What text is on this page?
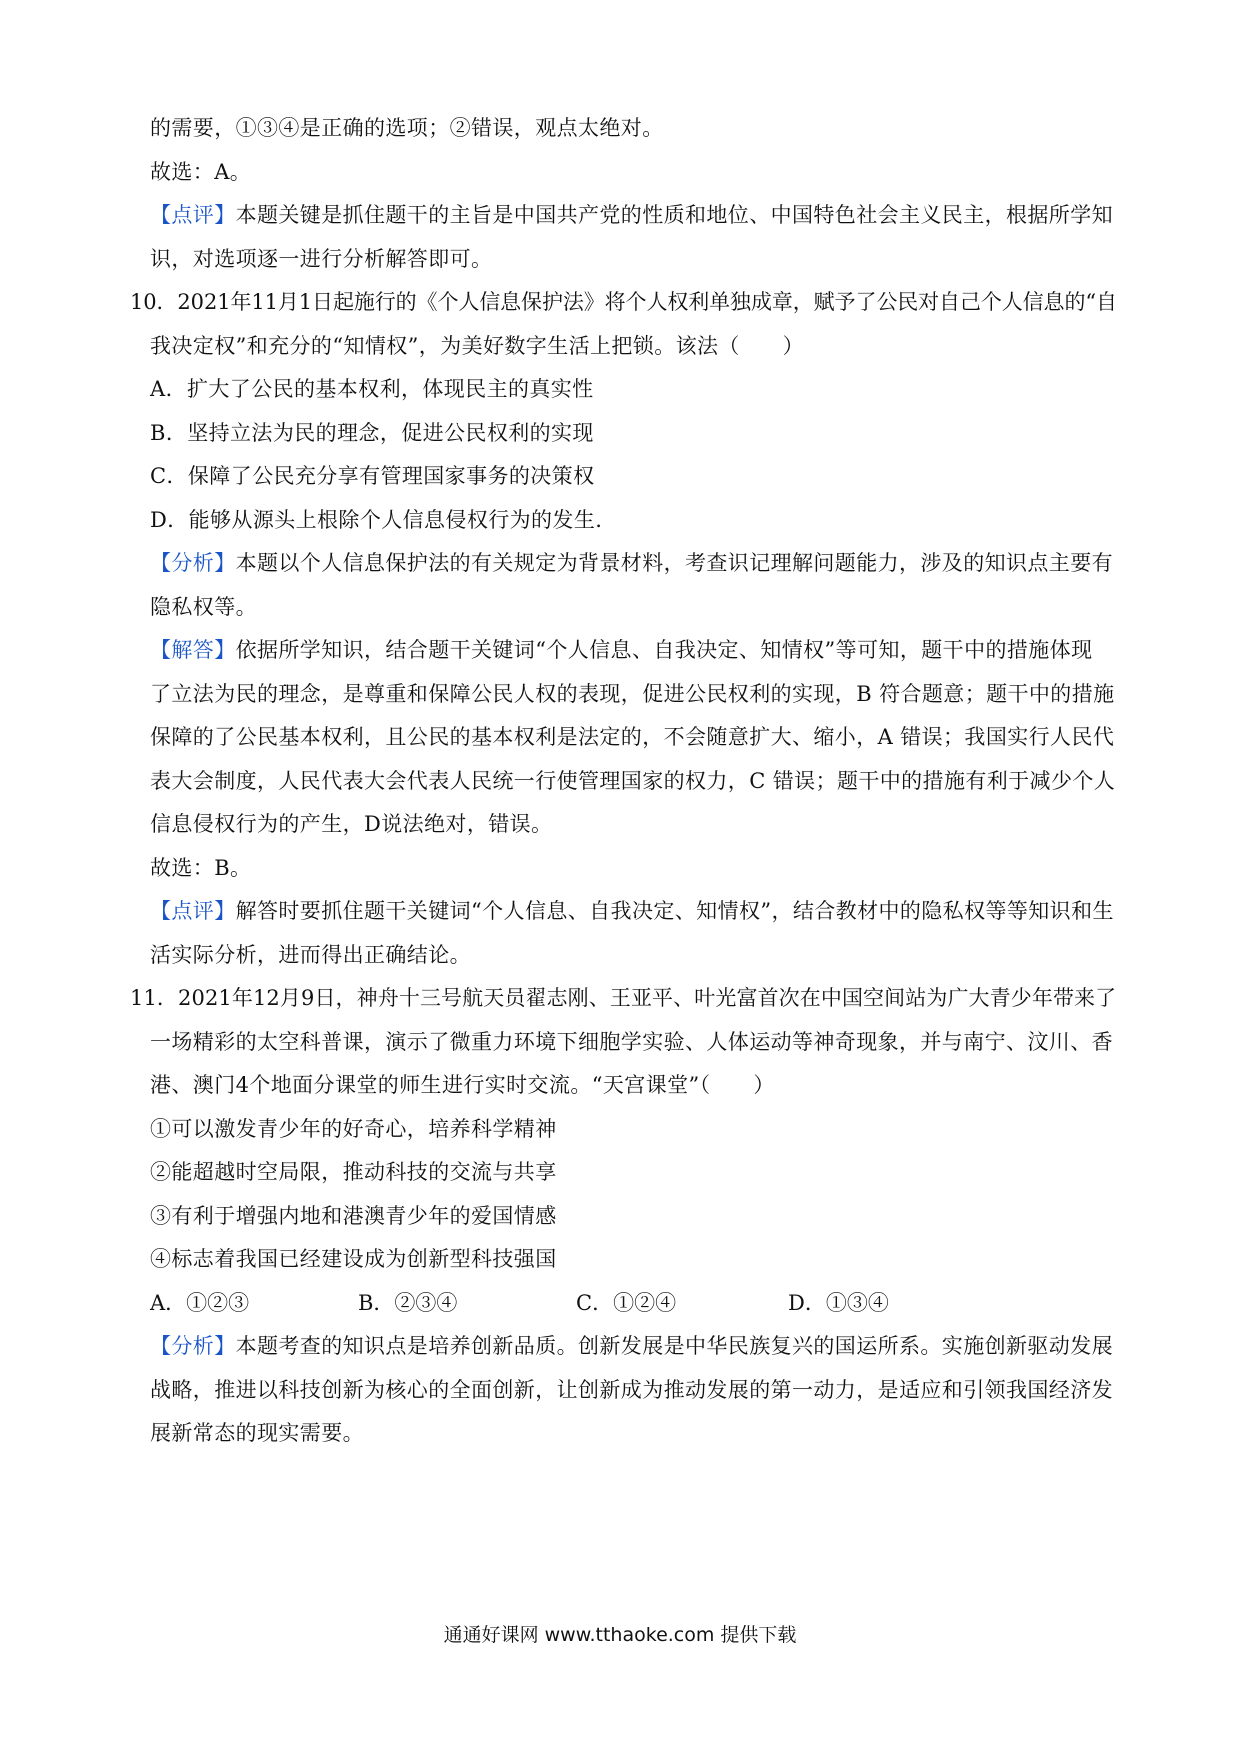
的需要，①③④是正确的选项；②错误，观点太绝对。
故选：A。
【点评】本题关键是抓住题干的主旨是中国共产党的性质和地位、中国特色社会主义民主，根据所学知
识，对选项逐一进行分析解答即可。
10．2021年11月1日起施行的《个人信息保护法》将个人权利单独成章，赋予了公民对自己个人信息的“自
我决定权”和充分的“知情权”，为美好数字生活上把锁。该法（　　）
A．扩大了公民的基本权利，体现民主的真实性
B．坚持立法为民的理念，促进公民权利的实现
C．保障了公民充分享有管理国家事务的决策权
D．能够从源头上根除个人信息侵权行为的发生.
【分析】本题以个人信息保护法的有关规定为背景材料，考查识记理解问题能力，涉及的知识点主要有
隐私权等。
【解答】依据所学知识，结合题干关键词“个人信息、自我决定、知情权”等可知，题干中的措施体现
了立法为民的理念，是尊重和保障公民人权的表现，促进公民权利的实现，B 符合题意；题干中的措施
保障的了公民基本权利，且公民的基本权利是法定的，不会随意扩大、缩小，A 错误；我国实行人民代
表大会制度，人民代表大会代表人民统一行使管理国家的权力，C 错误；题干中的措施有利于减少个人
信息侵权行为的产生，D说法绝对，错误。
故选：B。
【点评】解答时要抓住题干关键词“个人信息、自我决定、知情权”，结合教材中的隐私权等等知识和生
活实际分析，进而得出正确结论。
11．2021年12月9日，神舟十三号航天员翟志刚、王亚平、叶光富首次在中国空间站为广大青少年带来了
一场精彩的太空科普课，演示了微重力环境下细胞学实验、人体运动等神奇现象，并与南宁、汶川、香
港、澳门4个地面分课堂的师生进行实时交流。“天宫课堂”（　　）
①可以激发青少年的好奇心，培养科学精神
②能超越时空局限，推动科技的交流与共享
③有利于增强内地和港澳青少年的爱国情感
④标志着我国已经建设成为创新型科技强国
A．①②③	B．②③④	C．①②④	D．①③④
【分析】本题考查的知识点是培养创新品质。创新发展是中华民族复兴的国运所系。实施创新驱动发展
战略，推进以科技创新为核心的全面创新，让创新成为推动发展的第一动力，是适应和引领我国经济发
展新常态的现实需要。
通通好课网 www.tthaoke.com 提供下载
